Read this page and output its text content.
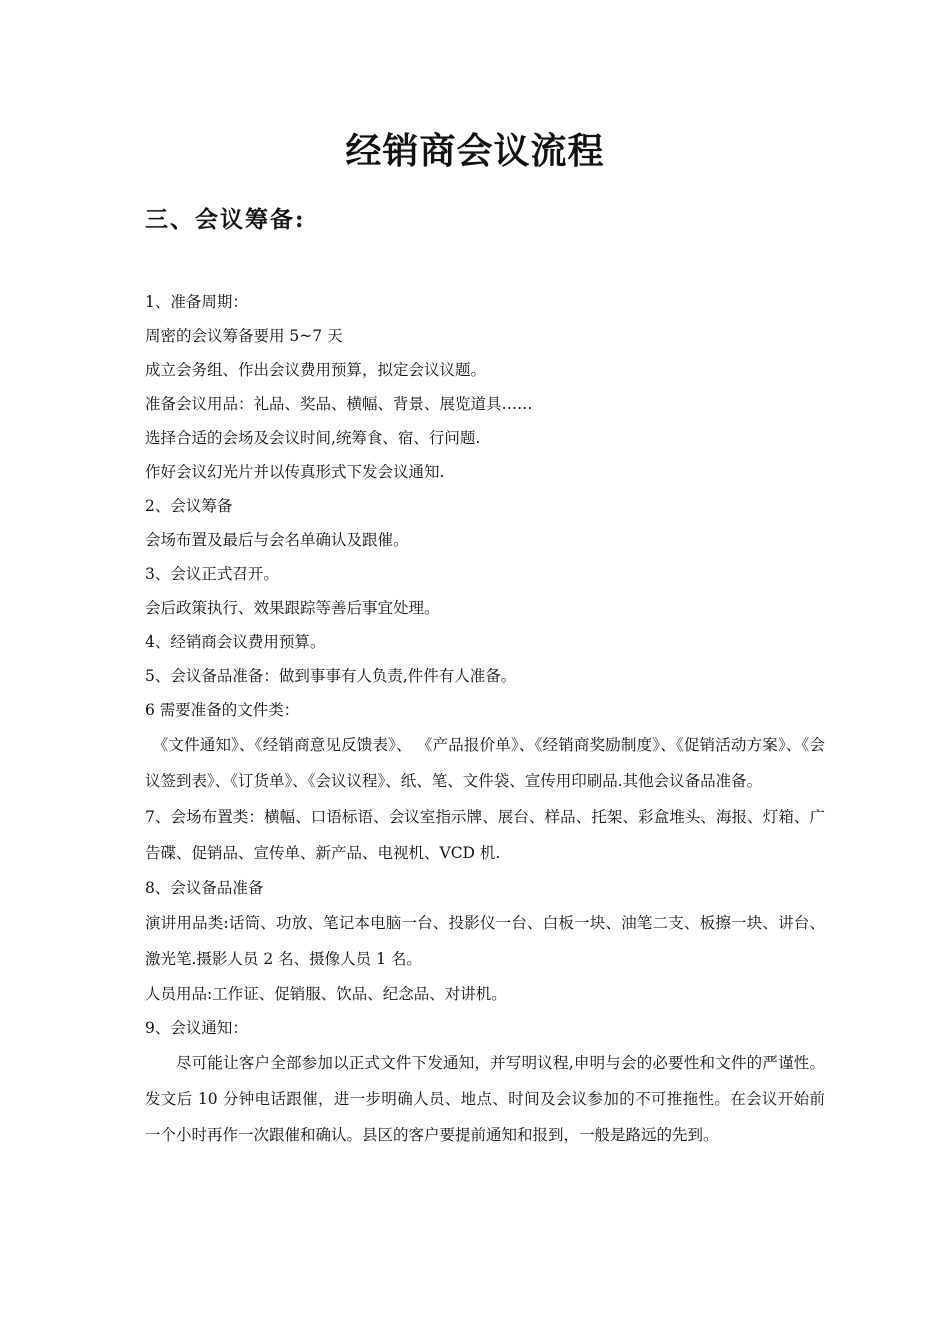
经销商会议流程
三、会议筹备:
1、准备周期：
周密的会议筹备要用 5~7 天
成立会务组、作出会议费用预算，拟定会议议题。
准备会议用品：礼品、奖品、横幅、背景、展览道具……
选择合适的会场及会议时间,统筹食、宿、行问题.
作好会议幻光片并以传真形式下发会议通知.
2、会议筹备
会场布置及最后与会名单确认及跟催。
3、会议正式召开。
会后政策执行、效果跟踪等善后事宜处理。
4、经销商会议费用预算。
5、会议备品准备：做到事事有人负责,件件有人准备。
6 需要准备的文件类：
《文件通知》、《经销商意见反馈表》、 《产品报价单》、《经销商奖励制度》、《促销活动方案》、《会议签到表》、《订货单》、《会议议程》、纸、笔、文件袋、宣传用印刷品.其他会议备品准备。
7、会场布置类：横幅、口语标语、会议室指示牌、展台、样品、托架、彩盒堆头、海报、灯箱、广告碟、促销品、宣传单、新产品、电视机、VCD 机.
8、会议备品准备
演讲用品类:话筒、功放、笔记本电脑一台、投影仪一台、白板一块、油笔二支、板擦一块、讲台、激光笔.摄影人员 2 名、摄像人员 1 名。
人员用品:工作证、促销服、饮品、纪念品、对讲机。
9、会议通知：
尽可能让客户全部参加以正式文件下发通知，并写明议程,申明与会的必要性和文件的严谨性。发文后 10 分钟电话跟催，进一步明确人员、地点、时间及会议参加的不可推拖性。在会议开始前一个小时再作一次跟催和确认。县区的客户要提前通知和报到，一般是路远的先到。
